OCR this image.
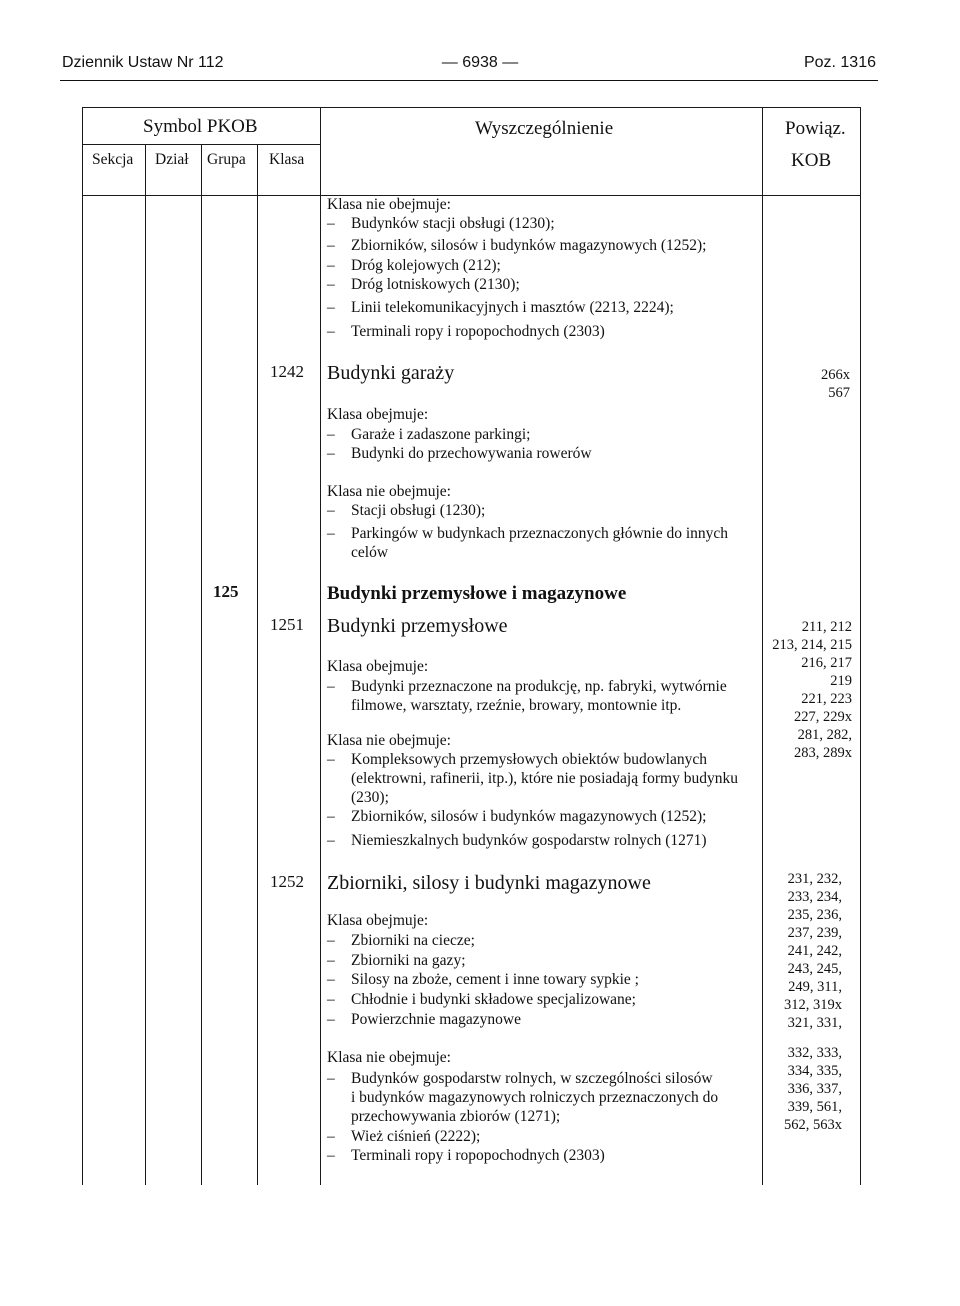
Dziennik Ustaw Nr 112	— 6938 —	Poz. 1316
Symbol PKOB
Sekcja Dział Grupa Klasa
Wyszczególnienie	Powiąz.
KOB
Klasa nie obejmuje:
– Budynków stacji obsługi (1230);
– Zbiorników, silosów i budynków magazynowych (1252);
– Dróg kolejowych (212);
– Dróg lotniskowych (2130);
– Linii telekomunikacyjnych i masztów (2213, 2224);
– Terminali ropy i ropopochodnych (2303)
1242 Budynki garaży	266x
567
Klasa obejmuje:
– Garaże i zadaszone parkingi;
– Budynki do przechowywania rowerów
Klasa nie obejmuje:
– Stacji obsługi (1230);
– Parkingów w budynkach przeznaczonych głównie do innych
celów
125	Budynki przemysłowe i magazynowe
1251 Budynki przemysłowe	211, 212
213, 214, 215
216, 217
219
221, 223
227, 229x
281, 282,
283, 289x
Klasa obejmuje:
– Budynki przeznaczone na produkcję, np. fabryki, wytwórnie
filmowe, warsztaty, rzeźnie, browary, montownie itp.
Klasa nie obejmuje:
– Kompleksowych przemysłowych obiektów budowlanych
(elektrowni, rafinerii, itp.), które nie posiadają formy budynku
(230);
– Zbiorników, silosów i budynków magazynowych (1252);
– Niemieszkalnych budynków gospodarstw rolnych (1271)
1252 Zbiorniki, silosy i budynki magazynowe	231, 232,
233, 234,
235, 236,
237, 239,
241, 242,
243, 245,
249, 311,
312, 319x
321, 331,
332, 333,
334, 335,
336, 337,
339, 561,
562, 563x
Klasa obejmuje:
– Zbiorniki na ciecze;
– Zbiorniki na gazy;
– Silosy na zboże, cement i inne towary sypkie ;
– Chłodnie i budynki składowe specjalizowane;
– Powierzchnie magazynowe
Klasa nie obejmuje:
– Budynków gospodarstw rolnych, w szczególności silosów
i budynków magazynowych rolniczych przeznaczonych do
przechowywania zbiorów (1271);
– Wież ciśnień (2222);
– Terminali ropy i ropopochodnych (2303)
